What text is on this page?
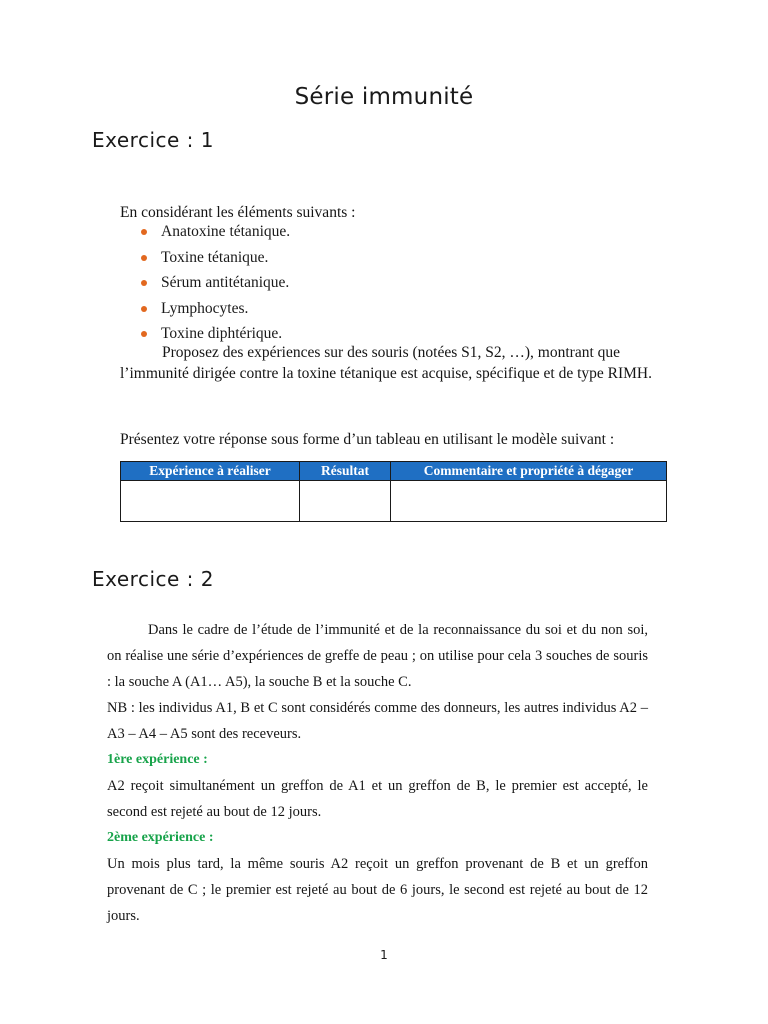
Série immunité
Exercice : 1
En considérant les éléments suivants :
Anatoxine tétanique.
Toxine tétanique.
Sérum antitétanique.
Lymphocytes.
Toxine diphtérique.
Proposez des expériences sur des souris (notées S1, S2, …), montrant que
l’immunité dirigée contre la toxine tétanique est acquise, spécifique et de type RIMH.
Présentez votre réponse sous forme d’un tableau en utilisant le modèle suivant :
Expérience à réaliser	Résultat	Commentaire et propriété à dégager

Exercice : 2
Dans le cadre de l’étude de l’immunité et de la reconnaissance du soi et du non soi, on réalise une série d’expériences de greffe de peau ; on utilise pour cela 3 souches de souris : la souche A (A1… A5), la souche B et la souche C.
NB : les individus A1, B et C sont considérés comme des donneurs, les autres individus A2 – A3 – A4 – A5 sont des receveurs.
1ère expérience :
A2 reçoit simultanément un greffon de A1 et un greffon de B, le premier est accepté, le second est rejeté au bout de 12 jours.
2ème expérience :
Un mois plus tard, la même souris A2 reçoit un greffon provenant de B et un greffon provenant de C ; le premier est rejeté au bout de 6 jours, le second est rejeté au bout de 12 jours.
1
